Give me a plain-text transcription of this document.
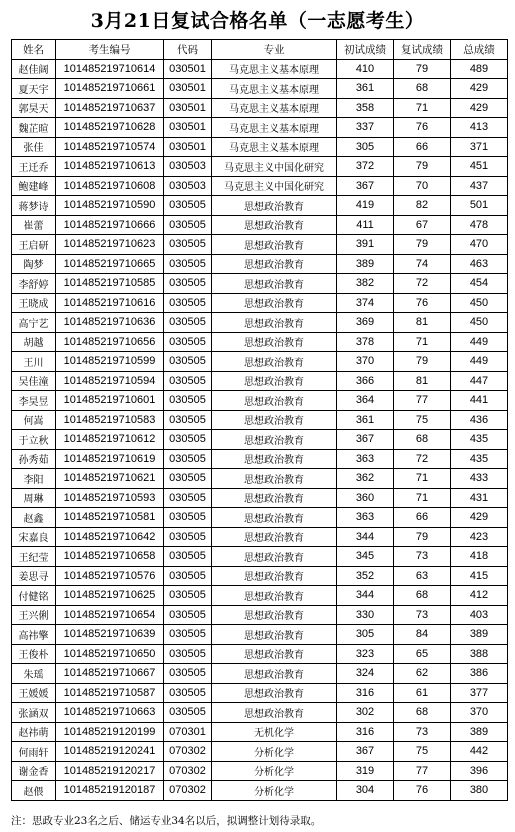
3月21日复试合格名单（一志愿考生）
姓名	考生编号	代码	专业	初试成绩	复试成绩	总成绩
赵佳阔	101485219710614	030501	马克思主义基本原理	410	79	489
夏天宇	101485219710661	030501	马克思主义基本原理	361	68	429
郭昊天	101485219710637	030501	马克思主义基本原理	358	71	429
魏芷暄	101485219710628	030501	马克思主义基本原理	337	76	413
张佳	101485219710574	030501	马克思主义基本原理	305	66	371
王迁乔	101485219710613	030503	马克思主义中国化研究	372	79	451
鲍建峰	101485219710608	030503	马克思主义中国化研究	367	70	437
蒋梦诗	101485219710590	030505	思想政治教育	419	82	501
崔蕾	101485219710666	030505	思想政治教育	411	67	478
王启研	101485219710623	030505	思想政治教育	391	79	470
陶梦	101485219710665	030505	思想政治教育	389	74	463
李舒婷	101485219710585	030505	思想政治教育	382	72	454
王晓成	101485219710616	030505	思想政治教育	374	76	450
高宁艺	101485219710636	030505	思想政治教育	369	81	450
胡越	101485219710656	030505	思想政治教育	378	71	449
王川	101485219710599	030505	思想政治教育	370	79	449
吴佳潼	101485219710594	030505	思想政治教育	366	81	447
李昊昱	101485219710601	030505	思想政治教育	364	77	441
何嵩	101485219710583	030505	思想政治教育	361	75	436
于立秋	101485219710612	030505	思想政治教育	367	68	435
孙秀茹	101485219710619	030505	思想政治教育	363	72	435
李阳	101485219710621	030505	思想政治教育	362	71	433
周琳	101485219710593	030505	思想政治教育	360	71	431
赵鑫	101485219710581	030505	思想政治教育	363	66	429
宋嘉良	101485219710642	030505	思想政治教育	344	79	423
王纪莹	101485219710658	030505	思想政治教育	345	73	418
姜思寻	101485219710576	030505	思想政治教育	352	63	415
付健铭	101485219710625	030505	思想政治教育	344	68	412
王兴俐	101485219710654	030505	思想政治教育	330	73	403
高祎擎	101485219710639	030505	思想政治教育	305	84	389
王俊朴	101485219710650	030505	思想政治教育	323	65	388
朱瑶	101485219710667	030505	思想政治教育	324	62	386
王媛媛	101485219710587	030505	思想政治教育	316	61	377
张涵双	101485219710663	030505	思想政治教育	302	68	370
赵祎萌	101485219120199	070301	无机化学	316	73	389
何雨轩	101485219120241	070302	分析化学	367	75	442
谢金香	101485219120217	070302	分析化学	319	77	396
赵偎	101485219120187	070302	分析化学	304	76	380
注：思政专业23名之后、储运专业34名以后，拟调整计划待录取。
